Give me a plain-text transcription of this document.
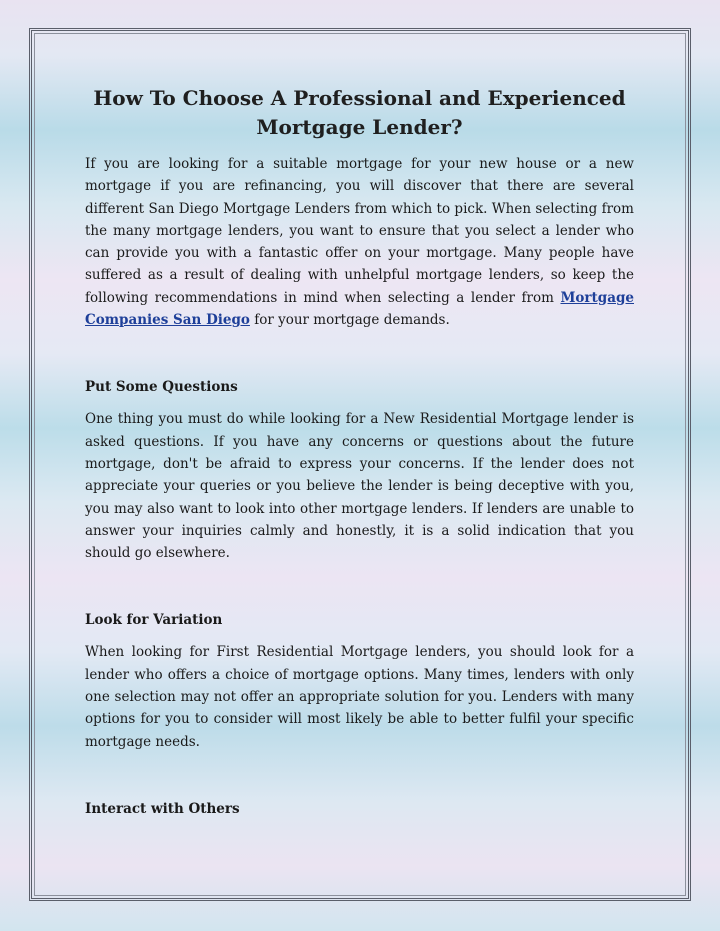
How To Choose A Professional and Experienced Mortgage Lender?

If you are looking for a suitable mortgage for your new house or a new mortgage if you are refinancing, you will discover that there are several different San Diego Mortgage Lenders from which to pick. When selecting from the many mortgage lenders, you want to ensure that you select a lender who can provide you with a fantastic offer on your mortgage. Many people have suffered as a result of dealing with unhelpful mortgage lenders, so keep the following recommendations in mind when selecting a lender from Mortgage Companies San Diego for your mortgage demands.

Put Some Questions

One thing you must do while looking for a New Residential Mortgage lender is asked questions. If you have any concerns or questions about the future mortgage, don't be afraid to express your concerns. If the lender does not appreciate your queries or you believe the lender is being deceptive with you, you may also want to look into other mortgage lenders. If lenders are unable to answer your inquiries calmly and honestly, it is a solid indication that you should go elsewhere.

Look for Variation

When looking for First Residential Mortgage lenders, you should look for a lender who offers a choice of mortgage options. Many times, lenders with only one selection may not offer an appropriate solution for you. Lenders with many options for you to consider will most likely be able to better fulfil your specific mortgage needs.

Interact with Others
